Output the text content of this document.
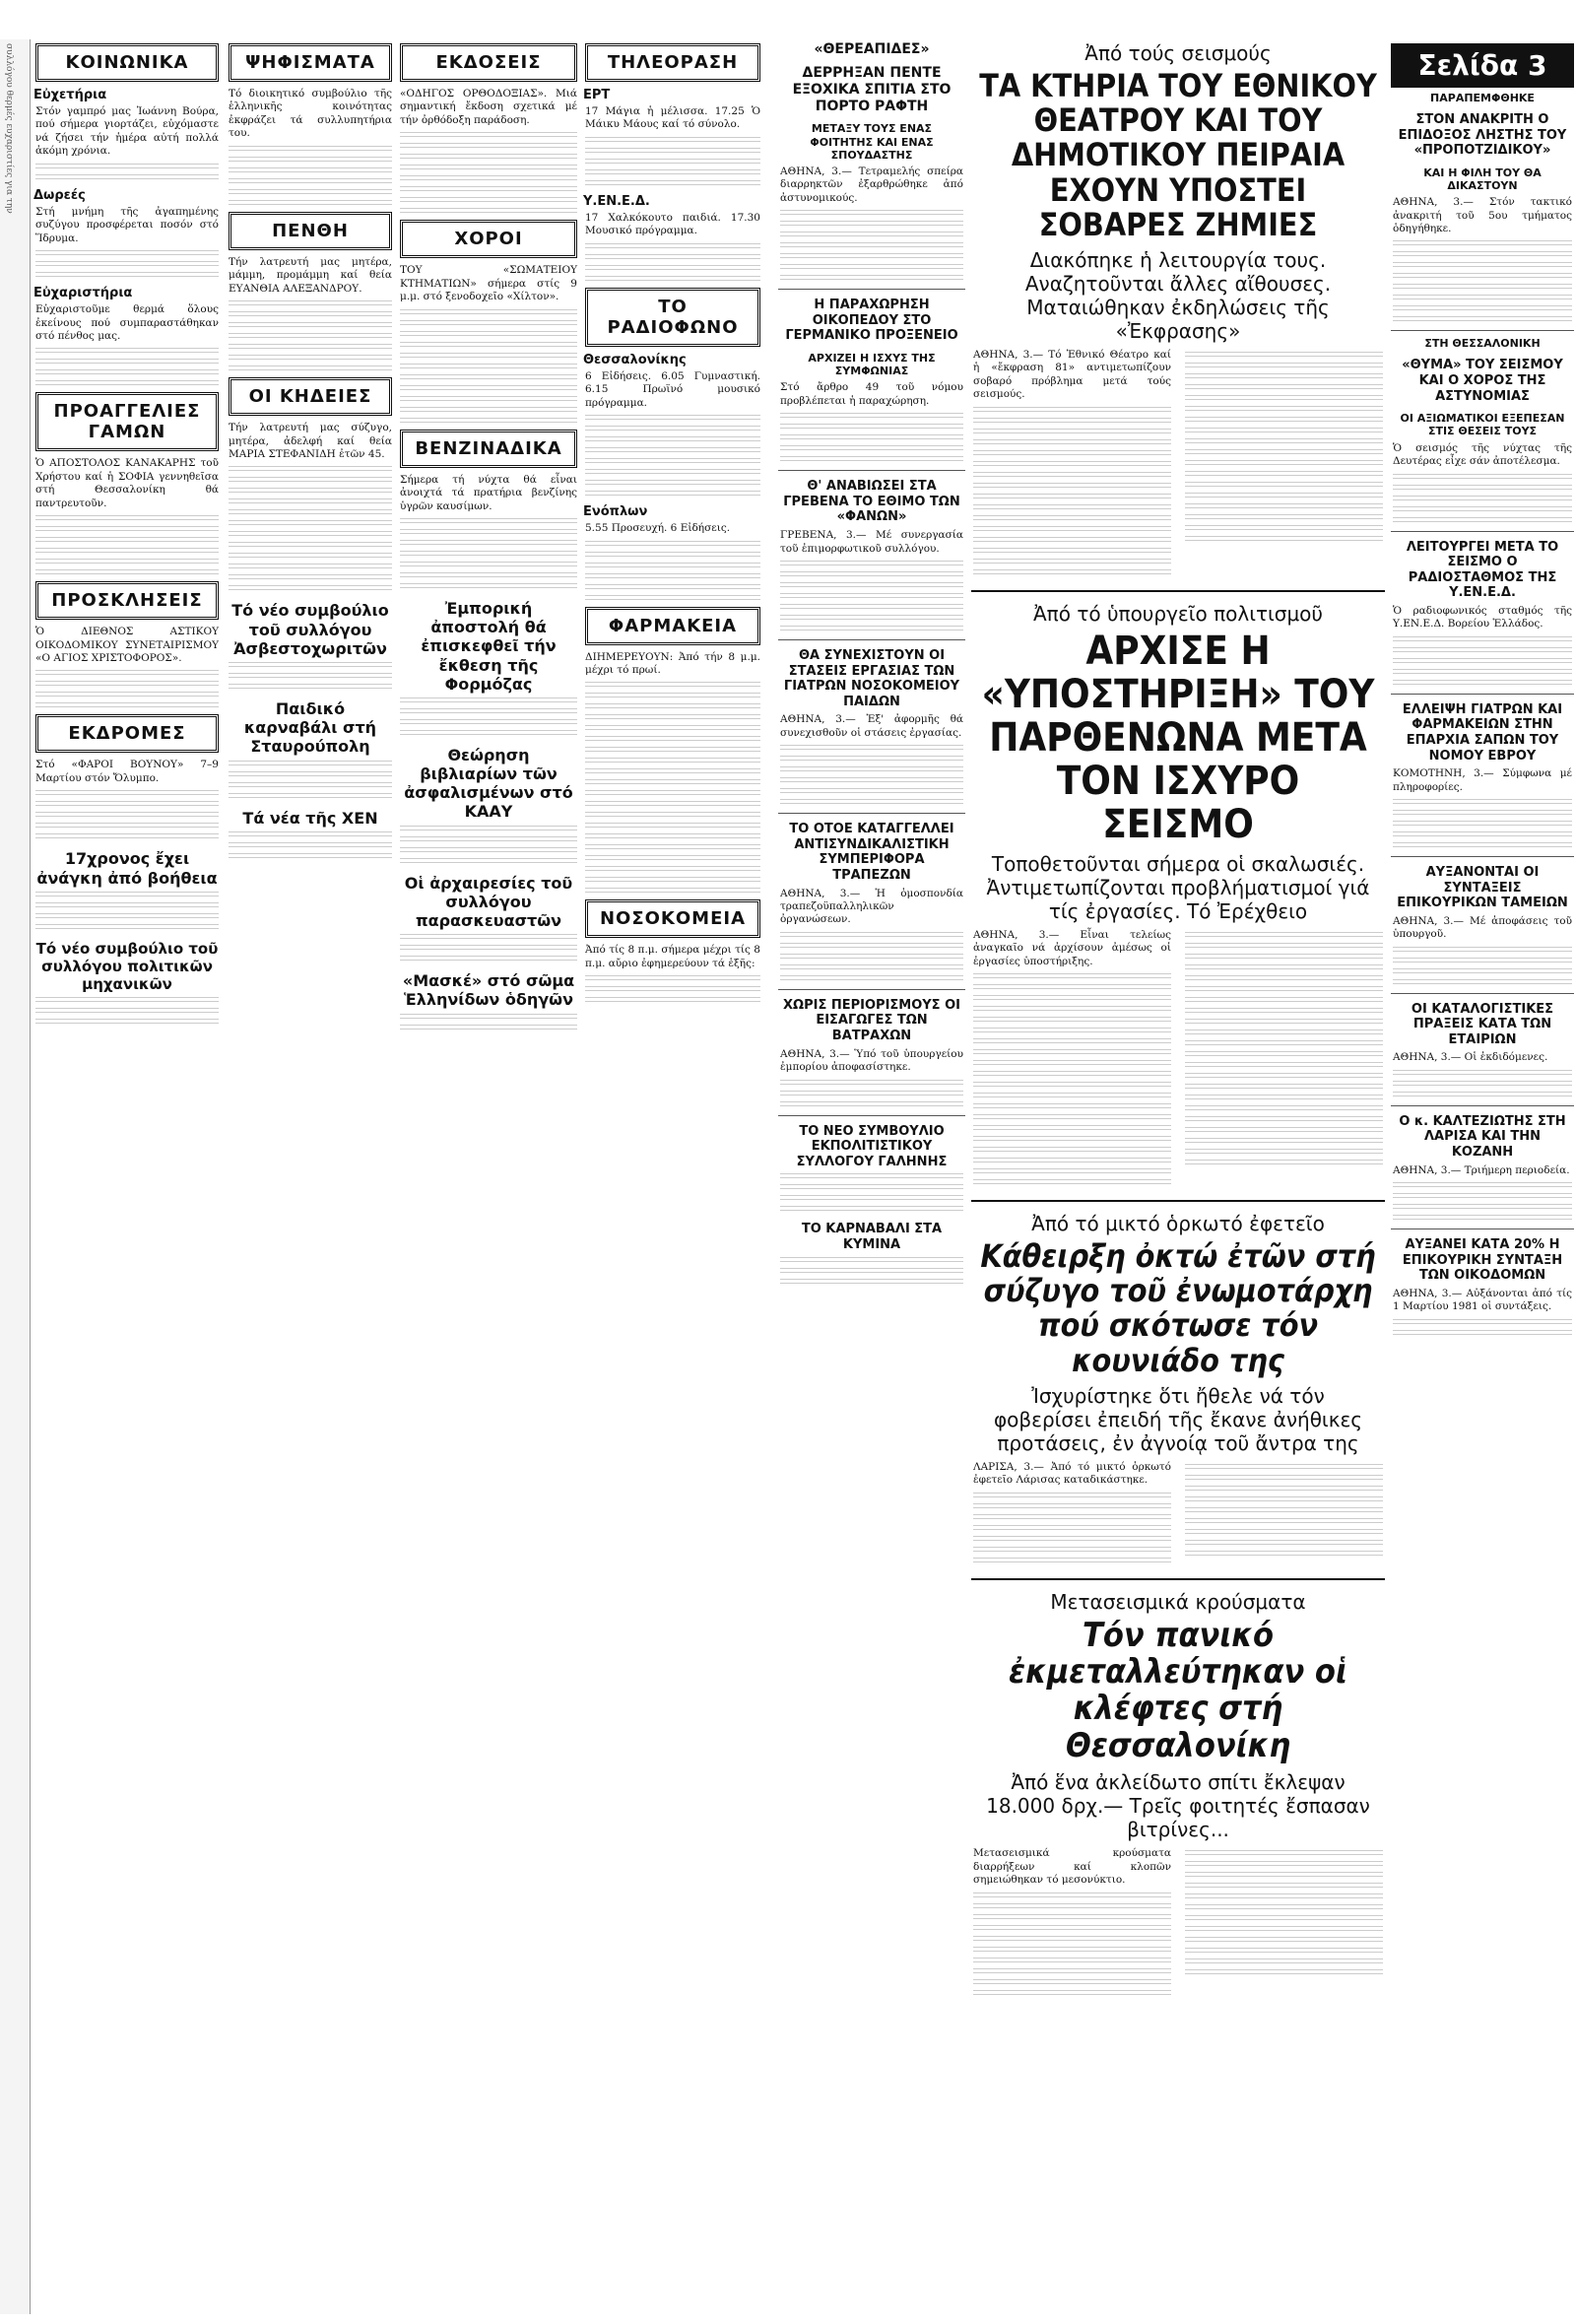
συλλόγου θερμές ευχαριστίες για την	ΚΟΙΝΩΝΙΚΑ
Εὐχετήρια
Στόν γαμπρό μας Ἰωάννη Βούρα, πού σήμερα γιορτάζει, εὐχόμαστε νά ζήσει τήν ἡμέρα αὐτή πολλά ἀκόμη χρόνια.
Δωρεές
Στή μνήμη τῆς ἀγαπημένης συζύγου προσφέρεται ποσόν στό Ἵδρυμα.
Εὐχαριστήρια
Εὐχαριστοῦμε θερμά ὅλους ἐκείνους πού συμπαραστάθηκαν στό πένθος μας.
ΠΡΟΑΓΓΕΛΙΕΣ ΓΑΜΩΝ
Ὁ ΑΠΟΣΤΟΛΟΣ ΚΑΝΑΚΑΡΗΣ τοῦ Χρήστου καί ἡ ΣΟΦΙΑ γεννηθεῖσα στή Θεσσαλονίκη θά παντρευτοῦν.
ΠΡΟΣΚΛΗΣΕΙΣ
Ὁ ΔΙΕΘΝΟΣ ΑΣΤΙΚΟΥ ΟΙΚΟΔΟΜΙΚΟΥ ΣΥΝΕΤΑΙΡΙΣΜΟΥ «Ο ΑΓΙΟΣ ΧΡΙΣΤΟΦΟΡΟΣ».
ΕΚΔΡΟΜΕΣ
Στό «ΦΑΡΟΙ ΒΟΥΝΟΥ» 7–9 Μαρτίου στόν Ὄλυμπο.
17χρονος ἔχει ἀνάγκη ἀπό βοήθεια
Τό νέο συμβούλιο τοῦ συλλόγου πολιτικῶν μηχανικῶν
ΨΗΦΙΣΜΑΤΑ
Τό διοικητικό συμβούλιο τῆς ἑλληνικῆς κοινότητας ἐκφράζει τά συλλυπητήρια του.
ΠΕΝΘΗ
Τήν λατρευτή μας μητέρα, μάμμη, προμάμμη καί θεία ΕΥΑΝΘΙΑ ΑΛΕΞΑΝΔΡΟΥ.
ΟΙ ΚΗΔΕΙΕΣ
Τήν λατρευτή μας σύζυγο, μητέρα, ἀδελφή καί θεία ΜΑΡΙΑ ΣΤΕΦΑΝΙΔΗ ἐτῶν 45.
Τό νέο συμβούλιο τοῦ συλλόγου Ἀσβεστοχωριτῶν
Παιδικό καρναβάλι στή Σταυρούπολη
Τά νέα τῆς ΧΕΝ
ΕΚΔΟΣΕΙΣ
«ΟΔΗΓΟΣ ΟΡΘΟΔΟΞΙΑΣ». Μιά σημαντική ἔκδοση σχετικά μέ τήν ὀρθόδοξη παράδοση.
ΧΟΡΟΙ
ΤΟΥ «ΣΩΜΑΤΕΙΟΥ ΚΤΗΜΑΤΙΩΝ» σήμερα στίς 9 μ.μ. στό ξενοδοχεῖο «Χίλτον».
ΒΕΝΖΙΝΑΔΙΚΑ
Σήμερα τή νύχτα θά εἶναι ἀνοιχτά τά πρατήρια βενζίνης ὑγρῶν καυσίμων.
Ἐμπορική ἀποστολή θά ἐπισκεφθεῖ τήν ἔκθεση τῆς Φορμόζας
Θεώρηση βιβλιαρίων τῶν ἀσφαλισμένων στό ΚΑΑΥ
Οἱ ἀρχαιρεσίες τοῦ συλλόγου παρασκευαστῶν
«Μασκέ» στό σῶμα Ἑλληνίδων ὁδηγῶν
ΤΗΛΕΟΡΑΣΗ
ΕΡΤ
17 Μάγια ἡ μέλισσα. 17.25 Ὁ Μάικυ Μάους καί τό σύνολο.
Υ.ΕΝ.Ε.Δ.
17 Χαλκόκουτο παιδιά. 17.30 Μουσικό πρόγραμμα.
ΤΟ ΡΑΔΙΟΦΩΝΟ
Θεσσαλονίκης
6 Εἰδήσεις. 6.05 Γυμναστική. 6.15 Πρωϊνό μουσικό πρόγραμμα.
Ενόπλων
5.55 Προσευχή. 6 Εἰδήσεις.
ΦΑΡΜΑΚΕΙΑ
ΔΙΗΜΕΡΕΥΟΥΝ: Ἀπό τήν 8 μ.μ. μέχρι τό πρωί.
ΝΟΣΟΚΟΜΕΙΑ
Ἀπό τίς 8 π.μ. σήμερα μέχρι τίς 8 π.μ. αὔριο ἐφημερεύουν τά ἑξῆς:
«ΘΕΡΕΑΠΙΔΕΣ»
ΔΕΡΡΗΞΑΝ ΠΕΝΤΕ ΕΞΟΧΙΚΑ ΣΠΙΤΙΑ ΣΤΟ ΠΟΡΤΟ ΡΑΦΤΗ
ΜΕΤΑΞΥ ΤΟΥΣ ΕΝΑΣ ΦΟΙΤΗΤΗΣ ΚΑΙ ΕΝΑΣ ΣΠΟΥΔΑΣΤΗΣ
ΑΘΗΝΑ, 3.— Τετραμελής σπείρα διαρρηκτῶν ἐξαρθρώθηκε ἀπό ἀστυνομικούς.
Η ΠΑΡΑΧΩΡΗΣΗ ΟΙΚΟΠΕΔΟΥ ΣΤΟ ΓΕΡΜΑΝΙΚΟ ΠΡΟΞΕΝΕΙΟ
ΑΡΧΙΖΕΙ Η ΙΣΧΥΣ ΤΗΣ ΣΥΜΦΩΝΙΑΣ
Στό ἄρθρο 49 τοῦ νόμου προβλέπεται ἡ παραχώρηση.
Θ' ΑΝΑΒΙΩΣΕΙ ΣΤΑ ΓΡΕΒΕΝΑ ΤΟ ΕΘΙΜΟ ΤΩΝ «ΦΑΝΩΝ»
ΓΡΕΒΕΝΑ, 3.— Μέ συνεργασία τοῦ ἐπιμορφωτικοῦ συλλόγου.
ΘΑ ΣΥΝΕΧΙΣΤΟΥΝ ΟΙ ΣΤΑΣΕΙΣ ΕΡΓΑΣΙΑΣ ΤΩΝ ΓΙΑΤΡΩΝ ΝΟΣΟΚΟΜΕΙΟΥ ΠΑΙΔΩΝ
ΑΘΗΝΑ, 3.— Ἐξ' ἀφορμῆς θά συνεχισθοῦν οἱ στάσεις ἐργασίας.
ΤΟ ΟΤΟΕ ΚΑΤΑΓΓΕΛΛΕΙ ΑΝΤΙΣΥΝΔΙΚΑΛΙΣΤΙΚΗ ΣΥΜΠΕΡΙΦΟΡΑ ΤΡΑΠΕΖΩΝ
ΑΘΗΝΑ, 3.— Ἡ ὁμοσπονδία τραπεζοϋπαλληλικῶν ὀργανώσεων.
ΧΩΡΙΣ ΠΕΡΙΟΡΙΣΜΟΥΣ ΟΙ ΕΙΣΑΓΩΓΕΣ ΤΩΝ ΒΑΤΡΑΧΩΝ
ΑΘΗΝΑ, 3.— Ὑπό τοῦ ὑπουργείου ἐμπορίου ἀποφασίστηκε.
ΤΟ ΝΕΟ ΣΥΜΒΟΥΛΙΟ ΕΚΠΟΛΙΤΙΣΤΙΚΟΥ ΣΥΛΛΟΓΟΥ ΓΑΛΗΝΗΣ
ΤΟ ΚΑΡΝΑΒΑΛΙ ΣΤΑ ΚΥΜΙΝΑ
Ἀπό τούς σεισμούς
ΤΑ ΚΤΗΡΙΑ ΤΟΥ ΕΘΝΙΚΟΥ ΘΕΑΤΡΟΥ ΚΑΙ ΤΟΥ ΔΗΜΟΤΙΚΟΥ ΠΕΙΡΑΙΑ ΕΧΟΥΝ ΥΠΟΣΤΕΙ ΣΟΒΑΡΕΣ ΖΗΜΙΕΣ
Διακόπηκε ἡ λειτουργία τους. Αναζητοῦνται ἄλλες αἴθουσες. Ματαιώθηκαν ἐκδηλώσεις τῆς «Ἐκφρασης»
ΑΘΗΝΑ, 3.— Τό Ἐθνικό Θέατρο καί ἡ «ἔκφραση 81» αντιμετωπίζουν σοβαρό πρόβλημα μετά τούς σεισμούς.
Ἀπό τό ὑπουργεῖο πολιτισμοῦ
ΑΡΧΙΣΕ Η «ΥΠΟΣΤΗΡΙΞΗ» ΤΟΥ ΠΑΡΘΕΝΩΝΑ ΜΕΤΑ ΤΟΝ ΙΣΧΥΡΟ ΣΕΙΣΜΟ
Τοποθετοῦνται σήμερα οἱ σκαλωσιές. Ἀντιμετωπίζονται προβλήματισμοί γιά τίς ἐργασίες. Τό Ἐρέχθειο
ΑΘΗΝΑ, 3.— Εἶναι τελείως ἀναγκαῖο νά ἀρχίσουν ἀμέσως οἱ ἐργασίες ὑποστήριξης.
Ἀπό τό μικτό ὁρκωτό ἐφετεῖο
Κάθειρξη ὀκτώ ἐτῶν στή σύζυγο τοῦ ἐνωμοτάρχη πού σκότωσε τόν κουνιάδο της
Ἰσχυρίστηκε ὅτι ἤθελε νά τόν φοβερίσει ἐπειδή τῆς ἔκανε ἀνήθικες προτάσεις, ἐν ἀγνοίᾳ τοῦ ἄντρα της
ΛΑΡΙΣΑ, 3.— Ἀπό τό μικτό ὁρκωτό ἐφετεῖο Λάρισας καταδικάστηκε.
Μετασεισμικά κρούσματα
Τόν πανικό ἐκμεταλλεύτηκαν οἱ κλέφτες στή Θεσσαλονίκη
Ἀπό ἕνα ἀκλείδωτο σπίτι ἔκλεψαν 18.000 δρχ.— Τρεῖς φοιτητές ἔσπασαν βιτρίνες...
Μετασεισμικά κρούσματα διαρρήξεων καί κλοπῶν σημειώθηκαν τό μεσονύκτιο.
Σελίδα 3
ΠΑΡΑΠΕΜΦΘΗΚΕ
ΣΤΟΝ ΑΝΑΚΡΙΤΗ Ο ΕΠΙΔΟΞΟΣ ΛΗΣΤΗΣ ΤΟΥ «ΠΡΟΠΟΤΖΙΔΙΚΟΥ»
ΚΑΙ Η ΦΙΛΗ ΤΟΥ ΘΑ ΔΙΚΑΣΤΟΥΝ
ΑΘΗΝΑ, 3.— Στόν τακτικό ἀνακριτή τοῦ 5ου τμήματος ὁδηγήθηκε.
ΣΤΗ ΘΕΣΣΑΛΟΝΙΚΗ
«ΘΥΜΑ» ΤΟΥ ΣΕΙΣΜΟΥ ΚΑΙ Ο ΧΟΡΟΣ ΤΗΣ ΑΣΤΥΝΟΜΙΑΣ
ΟΙ ΑΞΙΩΜΑΤΙΚΟΙ ΕΞΕΠΕΣΑΝ ΣΤΙΣ ΘΕΣΕΙΣ ΤΟΥΣ
Ὁ σεισμός τῆς νύχτας τῆς Δευτέρας εἶχε σάν ἀποτέλεσμα.
ΛΕΙΤΟΥΡΓΕΙ ΜΕΤΑ ΤΟ ΣΕΙΣΜΟ Ο ΡΑΔΙΟΣΤΑΘΜΟΣ ΤΗΣ Υ.ΕΝ.Ε.Δ.
Ὁ ραδιοφωνικός σταθμός τῆς Υ.ΕΝ.Ε.Δ. Βορείου Ἑλλάδος.
ΕΛΛΕΙΨΗ ΓΙΑΤΡΩΝ ΚΑΙ ΦΑΡΜΑΚΕΙΩΝ ΣΤΗΝ ΕΠΑΡΧΙΑ ΣΑΠΩΝ ΤΟΥ ΝΟΜΟΥ ΕΒΡΟΥ
ΚΟΜΟΤΗΝΗ, 3.— Σύμφωνα μέ πληροφορίες.
ΑΥΞΑΝΟΝΤΑΙ ΟΙ ΣΥΝΤΑΞΕΙΣ ΕΠΙΚΟΥΡΙΚΩΝ ΤΑΜΕΙΩΝ
ΑΘΗΝΑ, 3.— Μέ ἀποφάσεις τοῦ ὑπουργοῦ.
ΟΙ ΚΑΤΑΛΟΓΙΣΤΙΚΕΣ ΠΡΑΞΕΙΣ ΚΑΤΑ ΤΩΝ ΕΤΑΙΡΙΩΝ
ΑΘΗΝΑ, 3.— Οἱ ἐκδιδόμενες.
Ο κ. ΚΑΛΤΕΖΙΩΤΗΣ ΣΤΗ ΛΑΡΙΣΑ ΚΑΙ ΤΗΝ ΚΟΖΑΝΗ
ΑΘΗΝΑ, 3.— Τριήμερη περιοδεία.
ΑΥΞΑΝΕΙ ΚΑΤΑ 20% Η ΕΠΙΚΟΥΡΙΚΗ ΣΥΝΤΑΞΗ ΤΩΝ ΟΙΚΟΔΟΜΩΝ
ΑΘΗΝΑ, 3.— Αὐξάνονται ἀπό τίς 1 Μαρτίου 1981 οἱ συντάξεις.
